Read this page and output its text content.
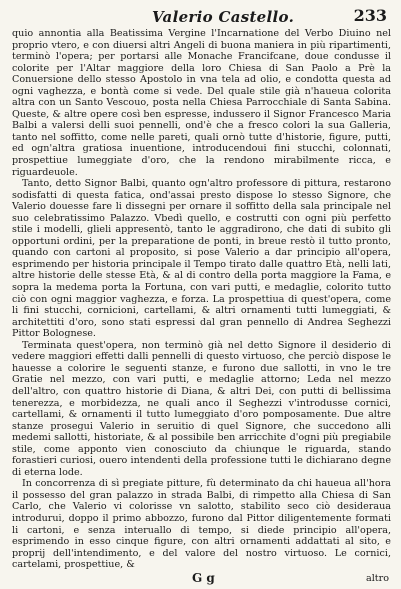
Valerio Castello.	233

quio annontia alla Beatissima Vergine l'Incarnatione del Verbo Diuino nel proprio vtero, e con diuersi altri Angeli di buona maniera in più ripartimenti, terminò l'opera; per portarsi alle Monache Francifcane, doue condusse il colorite per l'Altar maggiore della loro Chiesa di San Paolo a Prè la Conuersione dello stesso Apostolo in vna tela ad olio, e condotta questa ad ogni vaghezza, e bontà come si vede. Del quale stile già n'haueua colorita altra con un Santo Vescouo, posta nella Chiesa Parrocchiale di Santa Sabina. Queste, & altre opere così ben espresse, indussero il Signor Francesco Maria Balbi a valersi delli suoi pennelli, ond'è che a fresco colori la sua Galleria, tanto nel soffitto, come nelle pareti, quali ornò tutte d'historie, figure, putti, ed ogn'altra gratiosa inuentione, introducendoui fini stucchi, colonnati, prospettiue lumeggiate d'oro, che la rendono mirabilmente ricca, e riguardeuole.

Tanto, detto Signor Balbi, quanto ogn'altro professore di pittura, restarono sodisfatti di questa fatica, ond'assai presto dispose lo stesso Signore, che Valerio douesse fare li dissegni per ornare il soffitto della sala principale nel suo celebratissimo Palazzo. Vbedì quello, e costrutti con ogni più perfetto stile i modelli, glieli appresentò, tanto le aggradirono, che dati di subito gli opportuni ordini, per la preparatione de ponti, in breue restò il tutto pronto, quando con cartoni al proposito, si pose Valerio a dar principio all'opera, esprimendo per historia principale il Tempo tirato dalle quattro Età, nelli lati, altre historie delle stesse Età, & al di contro della porta maggiore la Fama, e sopra la medema porta la Fortuna, con vari putti, e medaglie, colorito tutto ciò con ogni maggior vaghezza, e forza. La prospettiua di quest'opera, come li fini stucchi, cornicioni, cartellami, & altri ornamenti tutti lumeggiati, & architettiti d'oro, sono stati espressi dal gran pennello di Andrea Seghezzi Pittor Bolognese.

Terminata quest'opera, non terminò già nel detto Signore il desiderio di vedere maggiori effetti dalli pennelli di questo virtuoso, che perciò dispose le hauesse a colorire le seguenti stanze, e furono due sallotti, in vno le tre Gratie nel mezzo, con vari putti, e medaglie attorno; Leda nel mezzo dell'altro, con quattro historie di Diana, & altri Dei, con putti di bellissima tenerezza, e morbidezza, ne quali anco il Seghezzi v'introdusse cornici, cartellami, & ornamenti il tutto lumeggiato d'oro pomposamente. Due altre stanze prosegui Valerio in seruitio di quel Signore, che succedono alli medemi sallotti, historiate, & al possibile ben arricchite d'ogni più pregiabile stile, come apponto vien conosciuto da chiunque le riguarda, stando forastieri curiosi, ouero intendenti della professione tutti le dichiarano degne di eterna lode.

In concorrenza di sì pregiate pitture, fù determinato da chi haueua all'hora il possesso del gran palazzo in strada Balbi, di rimpetto alla Chiesa di San Carlo, che Valerio vi colorisse vn salotto, stabilito seco ciò desideraua introdurui, doppo il primo abbozzo, furono dal Pittor diligentemente formati li cartoni, e senza interuallo di tempo, si diede principio all'opera, esprimendo in esso cinque figure, con altri ornamenti addattati al sito, e proprij dell'intendimento, e del valore del nostro virtuoso. Le cornici, cartelami, prospettiue, &

G g	altro
